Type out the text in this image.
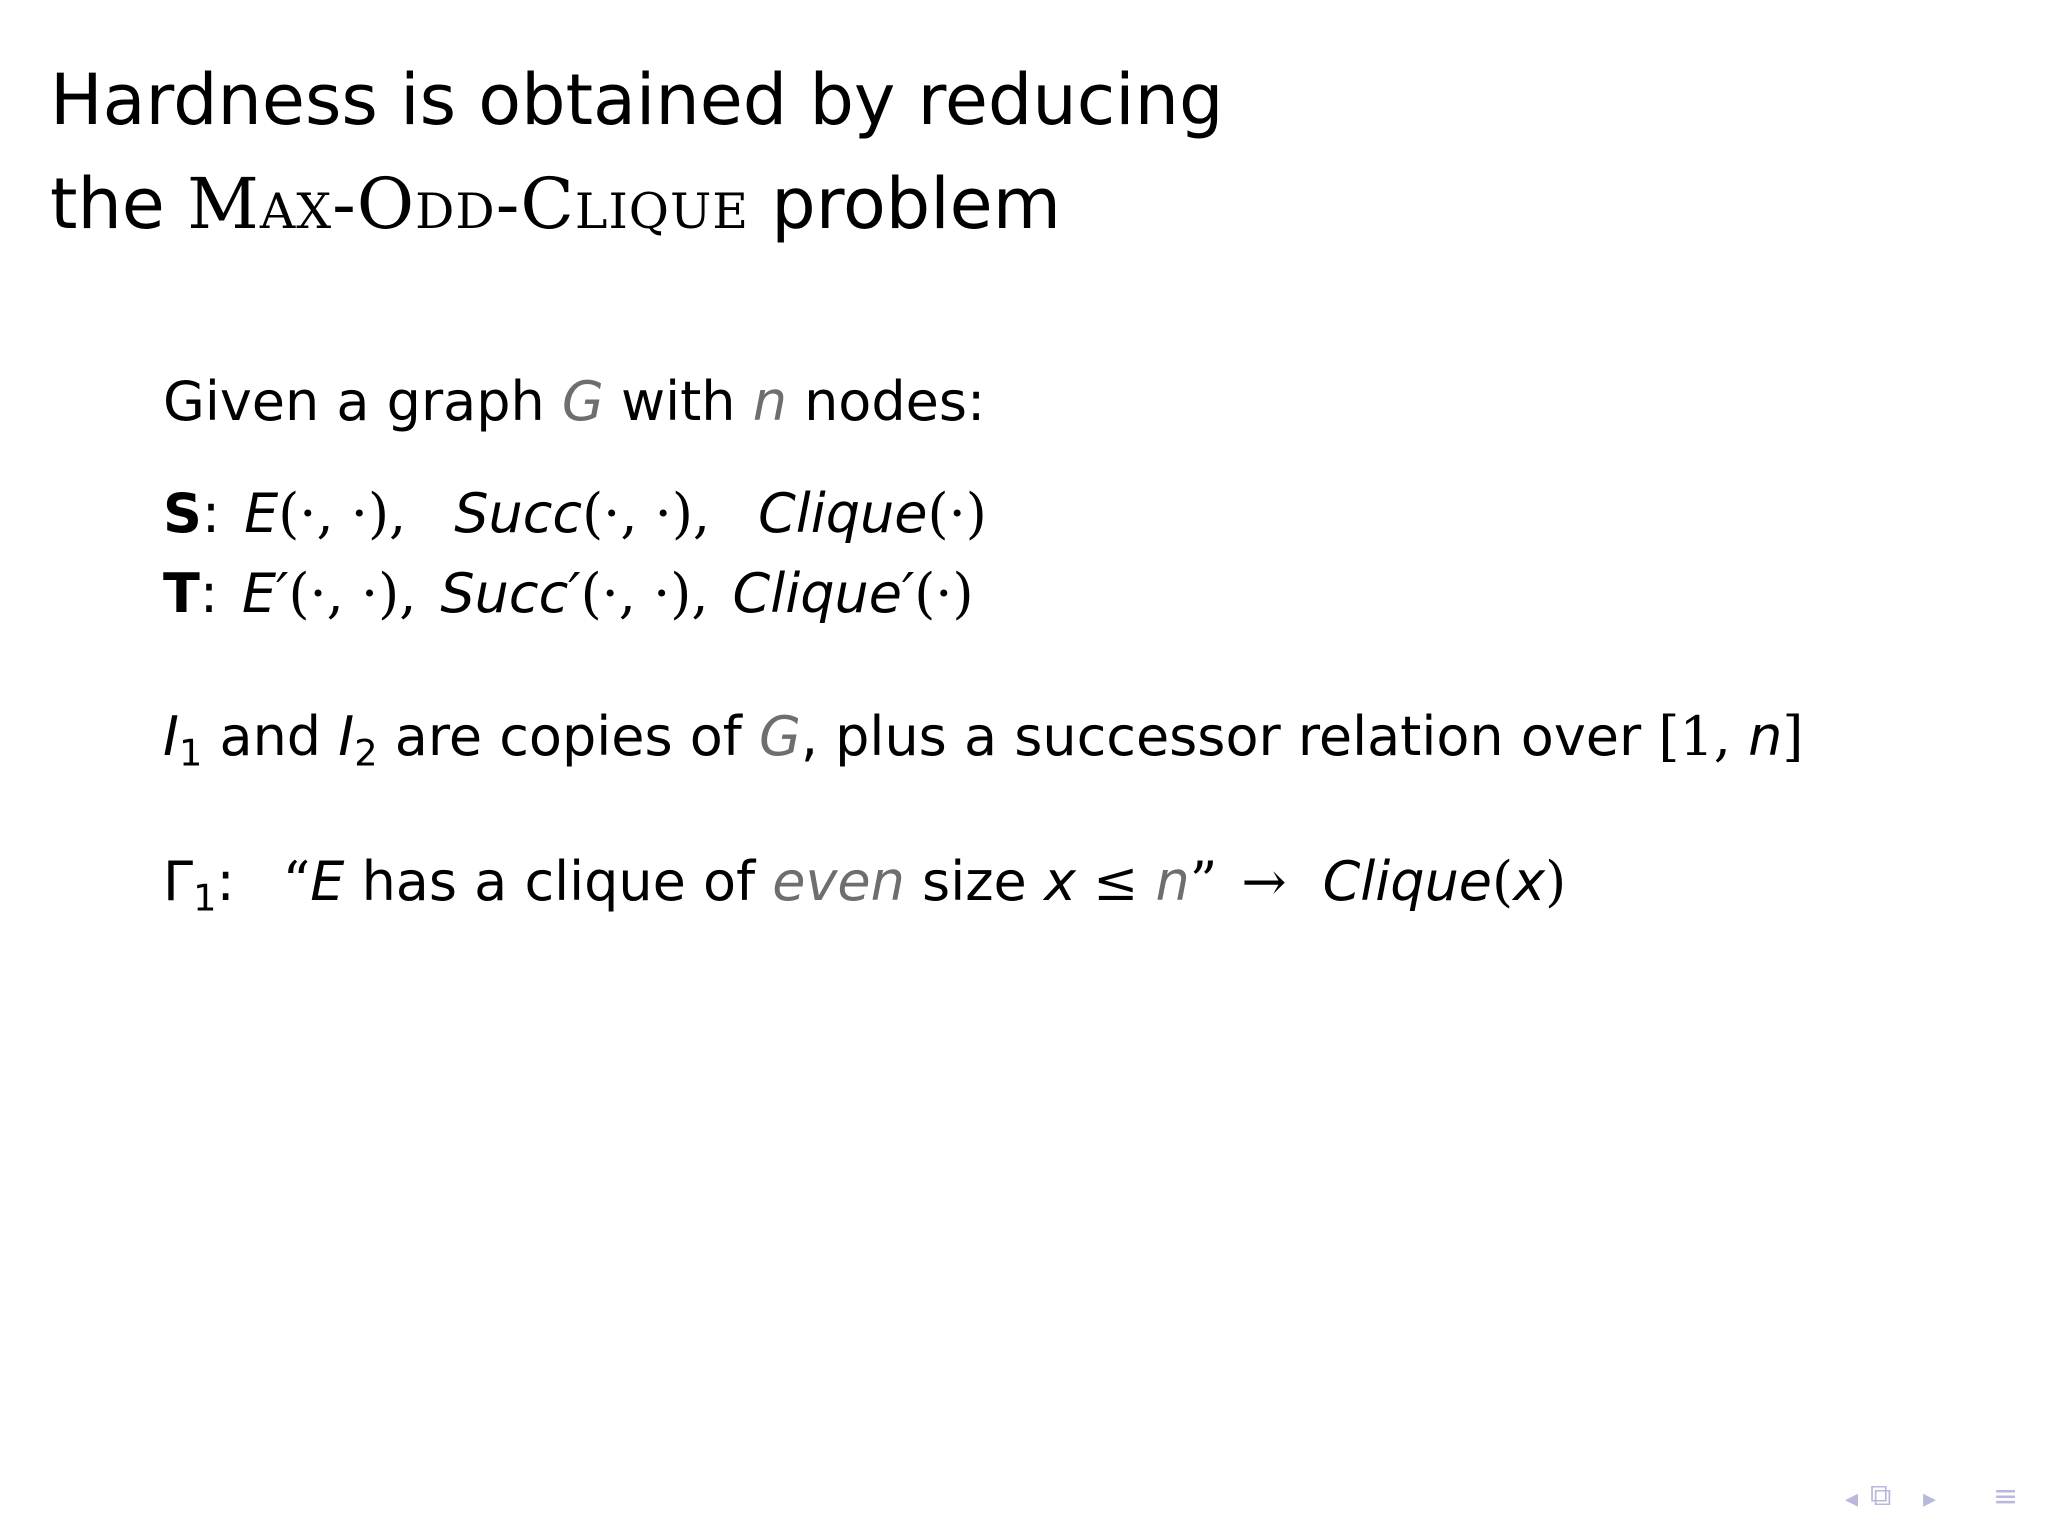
Hardness is obtained by reducing
the Max-Odd-Clique problem
Given a graph G with n nodes:
S: E(·, ·), Succ(·, ·), Clique(·)
T: E′(·, ·), Succ′(·, ·), Clique′(·)
$I_1$ and $I_2$ are copies of G, plus a successor relation over [1, n]
$\Gamma_1$: “E has a clique of even size x ≤ n” → Clique(x)
◂ ⧉ ▸ ≡
